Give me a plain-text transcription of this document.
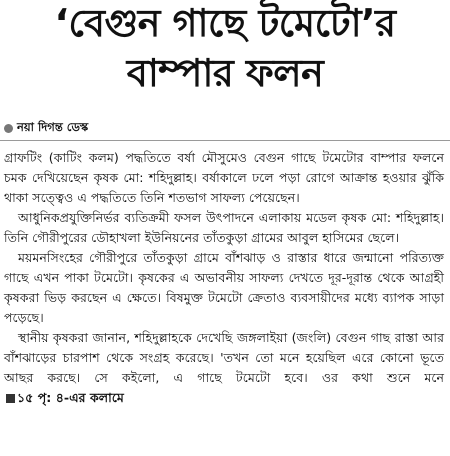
‘বেগুন গাছে টমেটো’র
বাম্পার ফলন
নয়া দিগন্ত ডেস্ক

গ্রাফটিং (কাটিং কলম) পদ্ধতিতে বর্ষা মৌসুমেও বেগুন গাছে টমেটোর বাম্পার ফলনে চমক দেখিয়েছেন কৃষক মো: শহিদুল্লাহ। বর্ষাকালে ঢলে পড়া রোগে আক্রান্ত হওয়ার ঝুঁকি থাকা সত্ত্বেও এ পদ্ধতিতে তিনি শতভাগ সাফল্য পেয়েছেন।

আধুনিকপ্রযুক্তিনির্ভর ব্যতিক্রমী ফসল উৎপাদনে এলাকায় মডেল কৃষক মো: শহিদুল্লাহ। তিনি গৌরীপুরের ডৌহাখলা ইউনিয়নের তাঁতকুড়া গ্রামের আবুল হাসিমের ছেলে।

ময়মনসিংহের গৌরীপুরে তাঁতকুড়া গ্রামে বাঁশঝাড় ও রাস্তার ধারে জন্মানো পরিত্যক্ত গাছে এখন পাকা টমেটো। কৃষকের এ অভাবনীয় সাফল্য দেখতে দূর-দূরান্ত থেকে আগ্রহী কৃষকরা ভিড় করছেন এ ক্ষেতে। বিষমুক্ত টমেটো ক্রেতাও ব্যবসায়ীদের মধ্যে ব্যাপক সাড়া পড়েছে।

স্থানীয় কৃষকরা জানান, শহিদুল্লাহকে দেখেছি জঙ্গলাইয়া (জংলি) বেগুন গাছ রাস্তা আর বাঁশঝাড়ের চারপাশ থেকে সংগ্রহ করেছে। 'তখন তো মনে হয়েছিল এরে কোনো ভূতে আছর করছে। সে কইলো, এ গাছে টমেটো হবে। ওর কথা শুনে মনে ১৫ পৃ: ৪-এর কলামে
